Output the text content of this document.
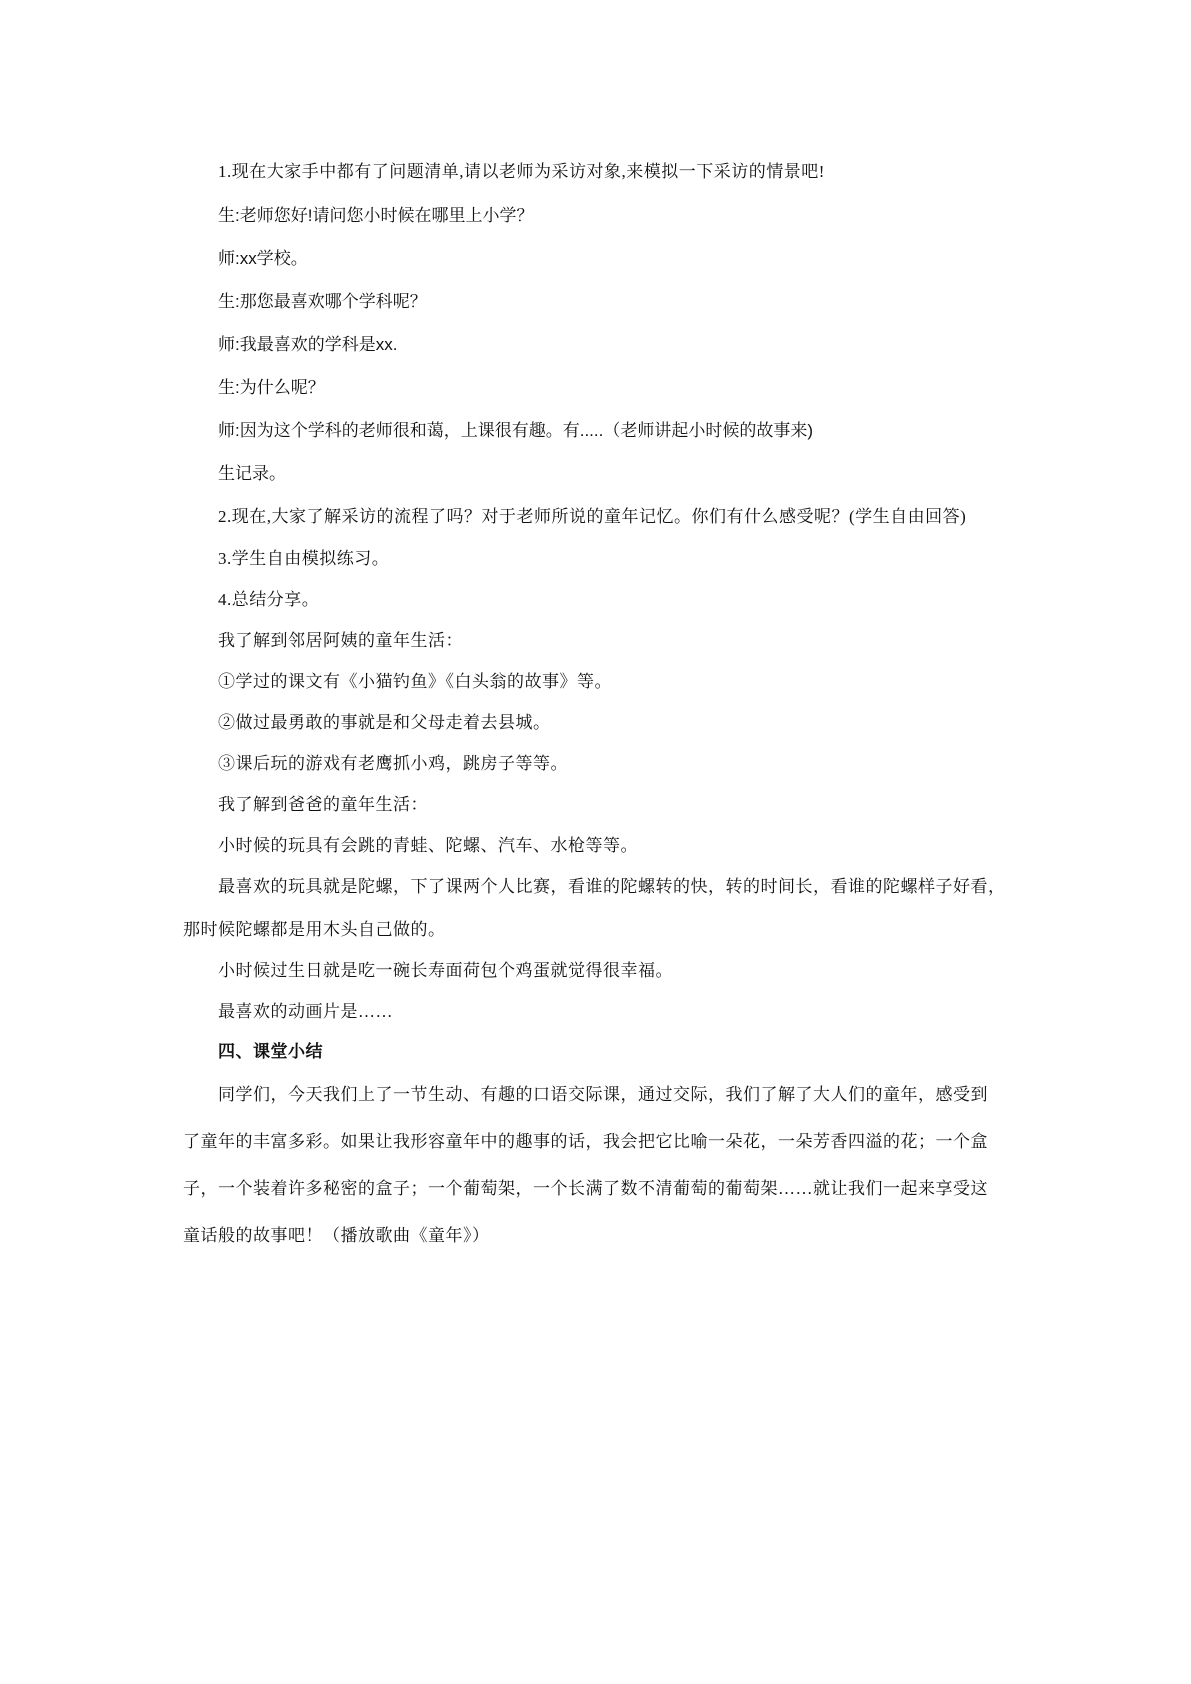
1.现在大家手中都有了问题清单,请以老师为采访对象,来模拟一下采访的情景吧!
生:老师您好!请问您小时候在哪里上小学？
师:xx学校。
生:那您最喜欢哪个学科呢？
师:我最喜欢的学科是xx.
生:为什么呢？
师:因为这个学科的老师很和蔼，上课很有趣。有.....（老师讲起小时候的故事来)
生记录。
2.现在,大家了解采访的流程了吗？对于老师所说的童年记忆。你们有什么感受呢？(学生自由回答)
3.学生自由模拟练习。
4.总结分享。
我了解到邻居阿姨的童年生活：
①学过的课文有《小猫钓鱼》《白头翁的故事》等。
②做过最勇敢的事就是和父母走着去县城。
③课后玩的游戏有老鹰抓小鸡，跳房子等等。
我了解到爸爸的童年生活：
小时候的玩具有会跳的青蛙、陀螺、汽车、水枪等等。
最喜欢的玩具就是陀螺，下了课两个人比赛，看谁的陀螺转的快，转的时间长，看谁的陀螺样子好看，
那时候陀螺都是用木头自己做的。
小时候过生日就是吃一碗长寿面荷包个鸡蛋就觉得很幸福。
最喜欢的动画片是……
四、课堂小结
同学们，今天我们上了一节生动、有趣的口语交际课，通过交际，我们了解了大人们的童年，感受到
了童年的丰富多彩。如果让我形容童年中的趣事的话，我会把它比喻一朵花，一朵芳香四溢的花；一个盒
子，一个装着许多秘密的盒子；一个葡萄架，一个长满了数不清葡萄的葡萄架……就让我们一起来享受这
童话般的故事吧！（播放歌曲《童年》）
